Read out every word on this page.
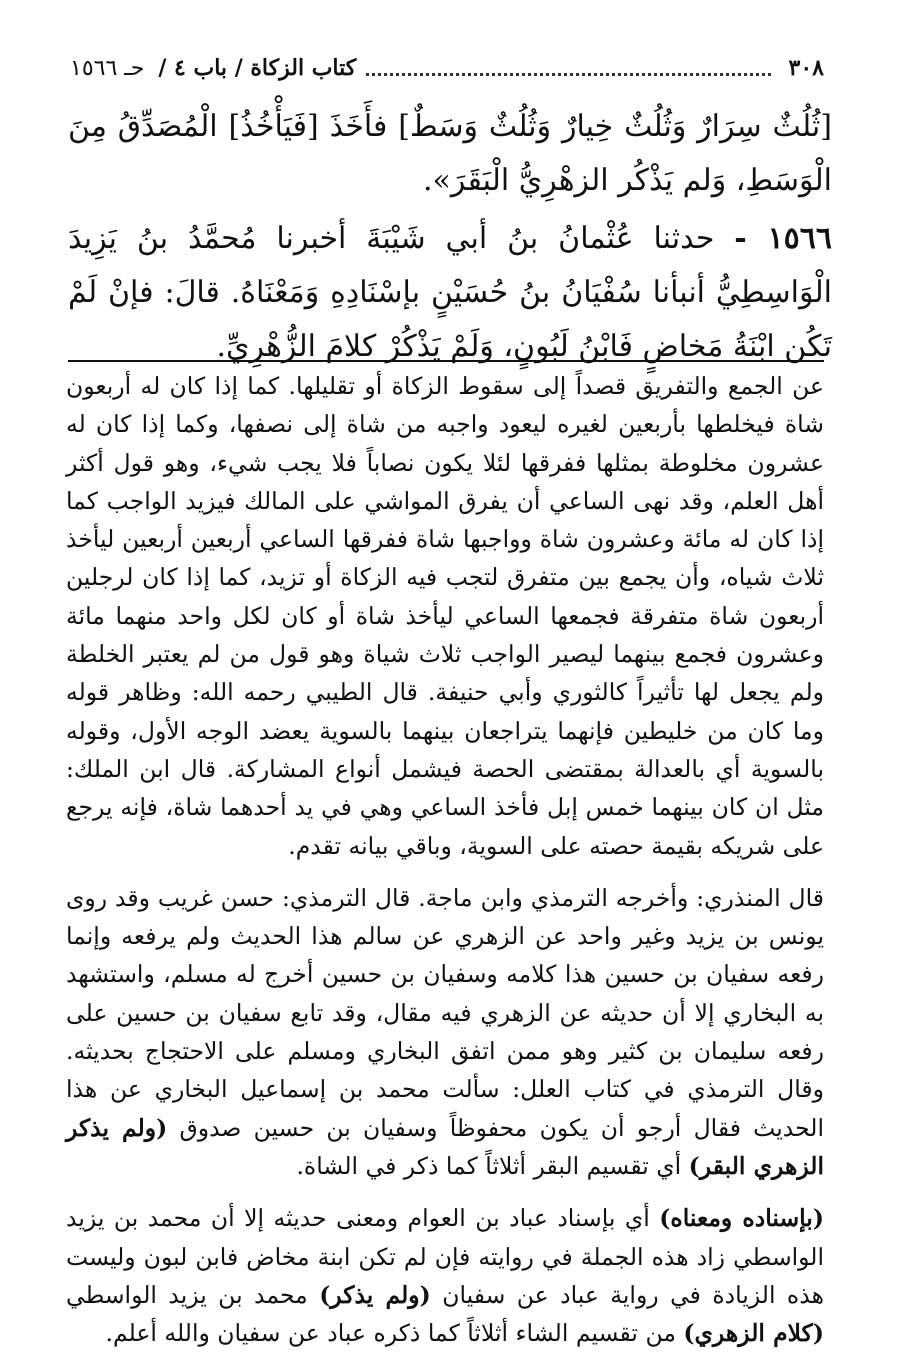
٣٠٨
كتاب الزكاة / باب ٤ /
حـ ١٥٦٦

[ثُلُثٌ سِرَارٌ وَثُلُثٌ خِيارٌ وَثُلُثٌ وَسَطٌ] فأَخَذَ [فَيَأْخُذُ] الْمُصَدِّقُ مِنَ الْوَسَطِ، وَلم يَذْكُر الزهْرِيُّ الْبَقَرَ».

١٥٦٦ - حدثنا عُثْمانُ بنُ أبي شَيْبَةَ أخبرنا مُحمَّدُ بنُ يَزِيدَ الْوَاسِطِيُّ أنبأنا سُفْيَانُ بنُ حُسَيْنٍ بإسْنَادِهِ وَمَعْنَاهُ. قالَ: فإنْ لَمْ تَكُن ابْنَةُ مَخاضٍ فَابْنُ لَبُونٍ، وَلَمْ يَذْكُرْ كلامَ الزُّهْرِيِّ.

عن الجمع والتفريق قصداً إلى سقوط الزكاة أو تقليلها. كما إذا كان له أربعون شاة فيخلطها بأربعين لغيره ليعود واجبه من شاة إلى نصفها، وكما إذا كان له عشرون مخلوطة بمثلها ففرقها لئلا يكون نصاباً فلا يجب شيء، وهو قول أكثر أهل العلم، وقد نهى الساعي أن يفرق المواشي على المالك فيزيد الواجب كما إذا كان له مائة وعشرون شاة وواجبها شاة ففرقها الساعي أربعين أربعين ليأخذ ثلاث شياه، وأن يجمع بين متفرق لتجب فيه الزكاة أو تزيد، كما إذا كان لرجلين أربعون شاة متفرقة فجمعها الساعي ليأخذ شاة أو كان لكل واحد منهما مائة وعشرون فجمع بينهما ليصير الواجب ثلاث شياة وهو قول من لم يعتبر الخلطة ولم يجعل لها تأثيراً كالثوري وأبي حنيفة. قال الطيبي رحمه الله: وظاهر قوله وما كان من خليطين فإنهما يتراجعان بينهما بالسوية يعضد الوجه الأول، وقوله بالسوية أي بالعدالة بمقتضى الحصة فيشمل أنواع المشاركة. قال ابن الملك: مثل ان كان بينهما خمس إبل فأخذ الساعي وهي في يد أحدهما شاة، فإنه يرجع على شريكه بقيمة حصته على السوية، وباقي بيانه تقدم.

قال المنذري: وأخرجه الترمذي وابن ماجة. قال الترمذي: حسن غريب وقد روى يونس بن يزيد وغير واحد عن الزهري عن سالم هذا الحديث ولم يرفعه وإنما رفعه سفيان بن حسين هذا كلامه وسفيان بن حسين أخرج له مسلم، واستشهد به البخاري إلا أن حديثه عن الزهري فيه مقال، وقد تابع سفيان بن حسين على رفعه سليمان بن كثير وهو ممن اتفق البخاري ومسلم على الاحتجاج بحديثه. وقال الترمذي في كتاب العلل: سألت محمد بن إسماعيل البخاري عن هذا الحديث فقال أرجو أن يكون محفوظاً وسفيان بن حسين صدوق (ولم يذكر الزهري البقر) أي تقسيم البقر أثلاثاً كما ذكر في الشاة.

(بإسناده ومعناه) أي بإسناد عباد بن العوام ومعنى حديثه إلا أن محمد بن يزيد الواسطي زاد هذه الجملة في روايته فإن لم تكن ابنة مخاض فابن لبون وليست هذه الزيادة في رواية عباد عن سفيان (ولم يذكر) محمد بن يزيد الواسطي (كلام الزهري) من تقسيم الشاء أثلاثاً كما ذكره عباد عن سفيان والله أعلم.
